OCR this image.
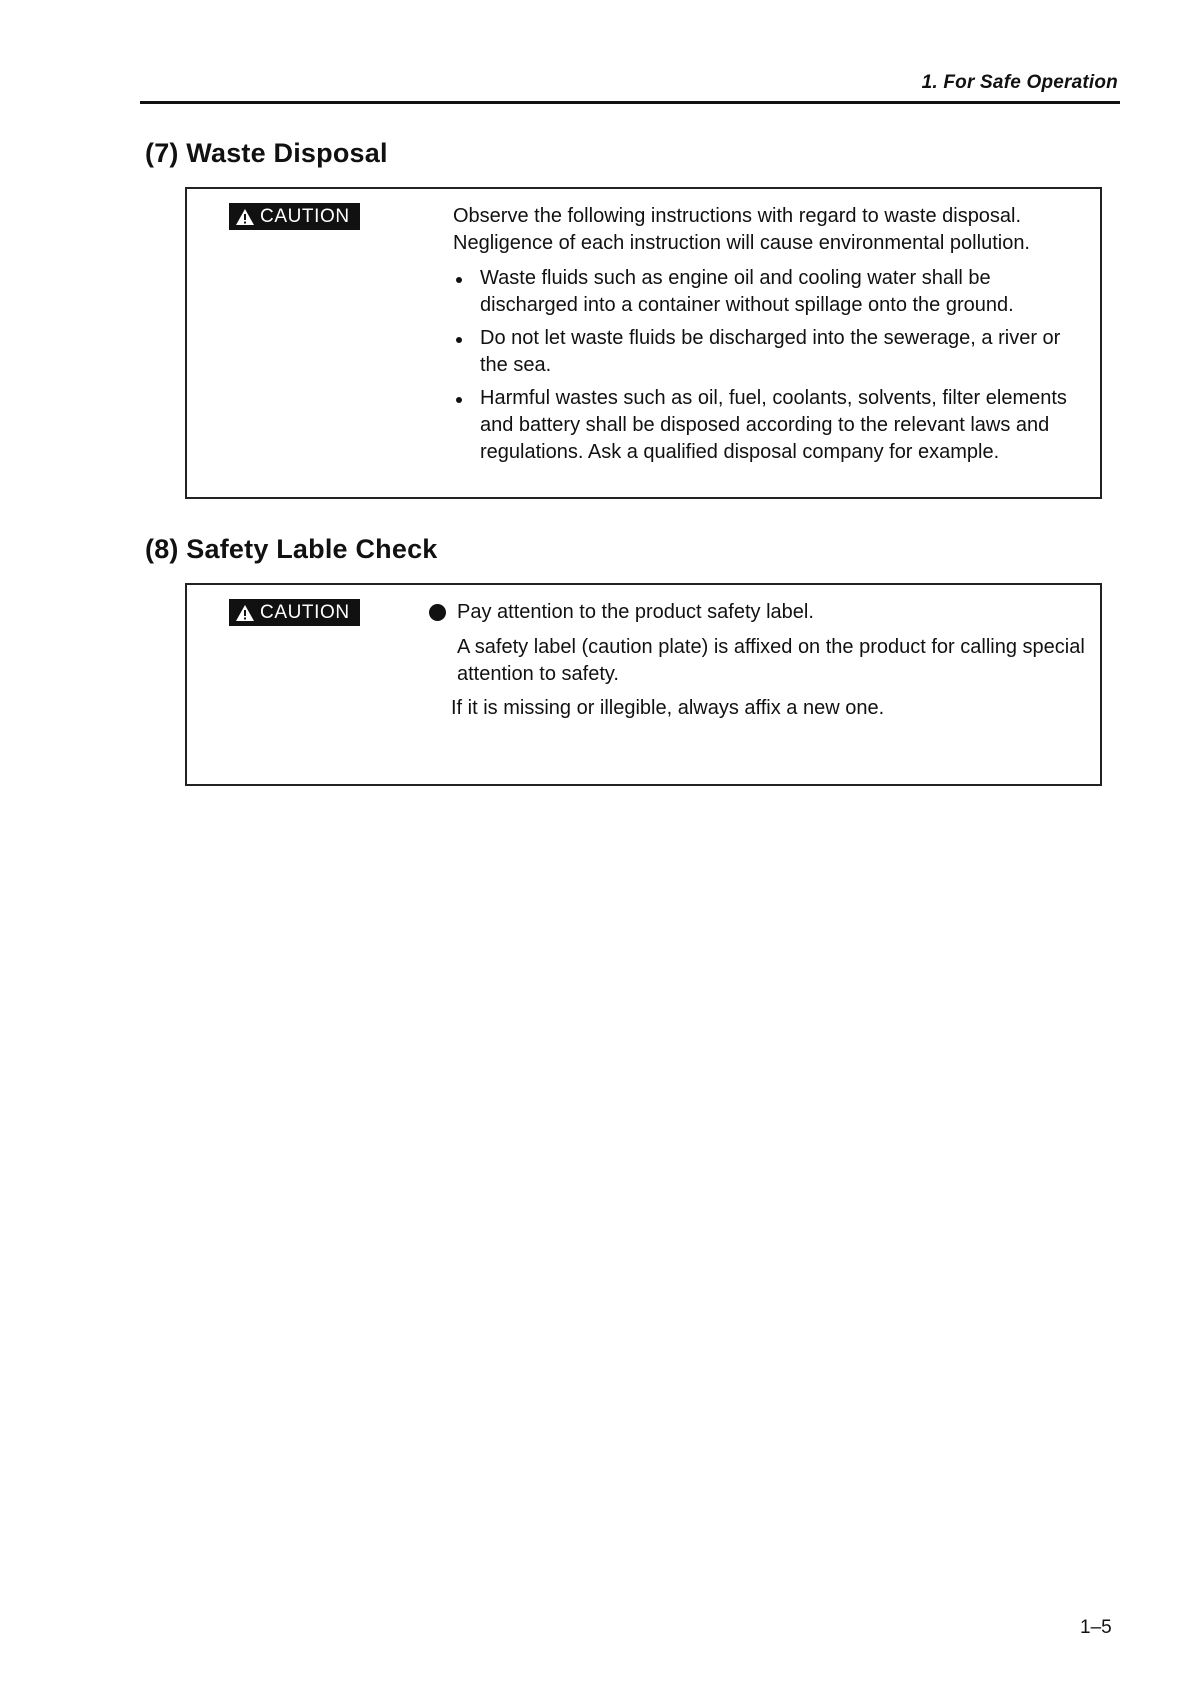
1. For Safe Operation
(7) Waste Disposal
CAUTION	Observe the following instructions with regard to waste disposal.

Negligence of each instruction will cause environmental pollution.

Waste fluids such as engine oil and cooling water shall be discharged into a container without spillage onto the ground.
Do not let waste fluids be discharged into the sewerage, a river or the sea.
Harmful wastes such as oil, fuel, coolants, solvents, filter elements and battery shall be disposed according to the relevant laws and regulations. Ask a qualified disposal company for example.
(8) Safety Lable Check
CAUTION	Pay attention to the product safety label.

A safety label (caution plate) is affixed on the product for calling special attention to safety.

If it is missing or illegible, always affix a new one.

1–5
